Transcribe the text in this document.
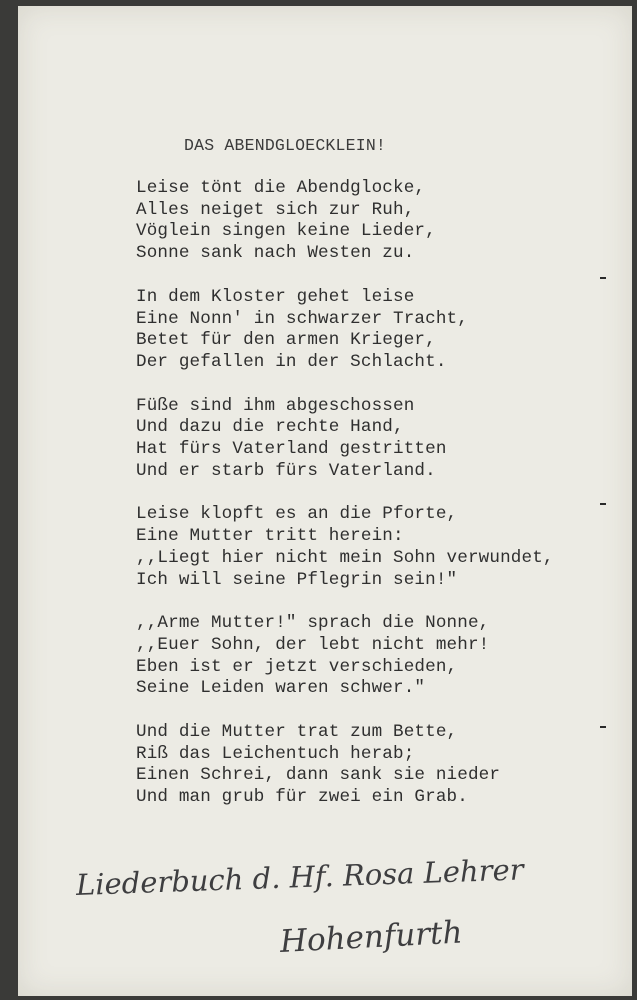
DAS ABENDGLOECKLEIN!
Leise tönt die Abendglocke,
Alles neiget sich zur Ruh,
Vöglein singen keine Lieder,
Sonne sank nach Westen zu.
In dem Kloster gehet leise
Eine Nonn' in schwarzer Tracht,
Betet für den armen Krieger,
Der gefallen in der Schlacht.
Füße sind ihm abgeschossen
Und dazu die rechte Hand,
Hat fürs Vaterland gestritten
Und er starb fürs Vaterland.
Leise klopft es an die Pforte,
Eine Mutter tritt herein:
,,Liegt hier nicht mein Sohn verwundet,
Ich will seine Pflegrin sein!"
,,Arme Mutter!" sprach die Nonne,
,,Euer Sohn, der lebt nicht mehr!
Eben ist er jetzt verschieden,
Seine Leiden waren schwer."
Und die Mutter trat zum Bette,
Riß das Leichentuch herab;
Einen Schrei, dann sank sie nieder
Und man grub für zwei ein Grab.
Liederbuch d. Hf. Rosa Lehrer
Hohenfurth
